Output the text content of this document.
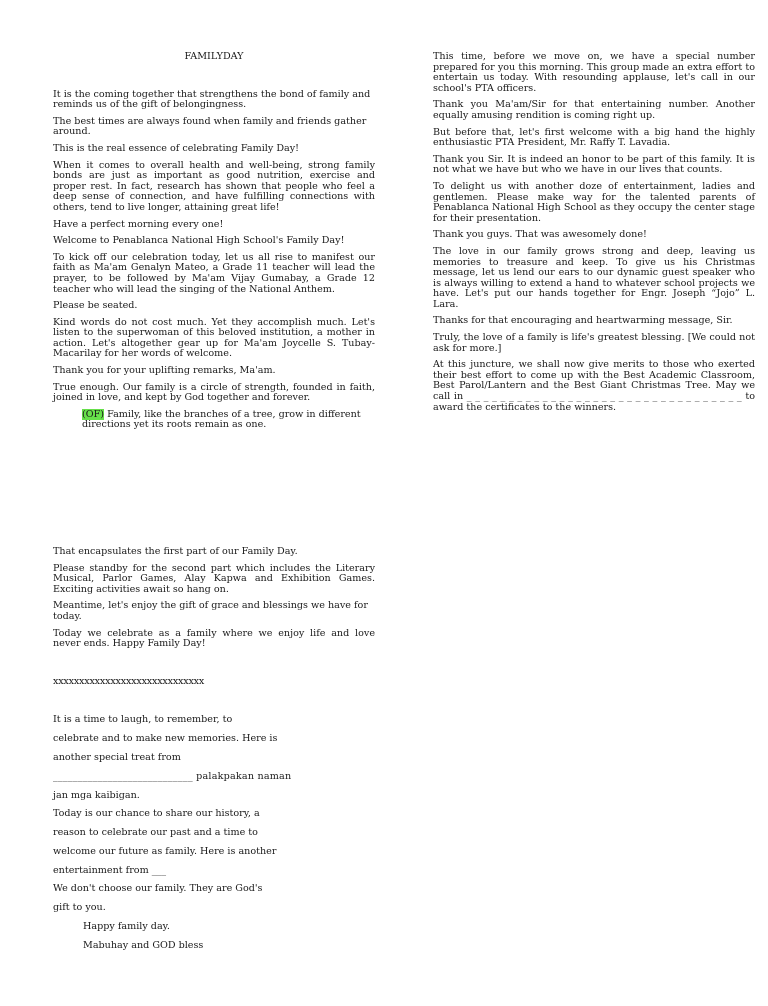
FAMILYDAY

It is the coming together that strengthens the bond of family and reminds us of the gift of belongingness.

The best times are always found when family and friends gather around.

This is the real essence of celebrating Family Day!

When it comes to overall health and well-being, strong family bonds are just as important as good nutrition, exercise and proper rest. In fact, research has shown that people who feel a deep sense of connection, and have fulfilling connections with others, tend to live longer, attaining great life!

Have a perfect morning every one!

Welcome to Penablanca National High School's Family Day!

To kick off our celebration today, let us all rise to manifest our faith as Ma'am Genalyn Mateo, a Grade 11 teacher will lead the prayer, to be followed by Ma'am Vijay Gumabay, a Grade 12 teacher who will lead the singing of the National Anthem.

Please be seated.

Kind words do not cost much. Yet they accomplish much. Let's listen to the superwoman of this beloved institution, a mother in action. Let's altogether gear up for Ma'am Joycelle S. Tubay-Macarilay for her words of welcome.

Thank you for your uplifting remarks, Ma'am.

True enough. Our family is a circle of strength, founded in faith, joined in love, and kept by God together and forever.

(OF) Family, like the branches of a tree, grow in different directions yet its roots remain as one.

That encapsulates the first part of our Family Day.

Please standby for the second part which includes the Literary Musical, Parlor Games, Alay Kapwa and Exhibition Games. Exciting activities await so hang on.

Meantime, let's enjoy the gift of grace and blessings we have for today.

Today we celebrate as a family where we enjoy life and love never ends. Happy Family Day!

xxxxxxxxxxxxxxxxxxxxxxxxxxxxx

It is a time to laugh, to remember, to

celebrate and to make new memories. Here is

another special treat from

____________________________ palakpakan naman

jan mga kaibigan.

Today is our chance to share our history, a

reason to celebrate our past and a time to

welcome our future as family. Here is another

entertainment from ___

We don't choose our family. They are God's

gift to you.

Happy family day.

Mabuhay and GOD bless

This time, before we move on, we have a special number prepared for you this morning. This group made an extra effort to entertain us today. With resounding applause, let's call in our school's PTA officers.

Thank you Ma'am/Sir for that entertaining number. Another equally amusing rendition is coming right up.

But before that, let's first welcome with a big hand the highly enthusiastic PTA President, Mr. Raffy T. Lavadia.

Thank you Sir. It is indeed an honor to be part of this family. It is not what we have but who we have in our lives that counts.

To delight us with another doze of entertainment, ladies and gentlemen. Please make way for the talented parents of Penablanca National High School as they occupy the center stage for their presentation.

Thank you guys. That was awesomely done!

The love in our family grows strong and deep, leaving us memories to treasure and keep. To give us his Christmas message, let us lend our ears to our dynamic guest speaker who is always willing to extend a hand to whatever school projects we have. Let's put our hands together for Engr. Joseph “Jojo” L. Lara.

Thanks for that encouraging and heartwarming message, Sir.

Truly, the love of a family is life's greatest blessing. [We could not ask for more.]

At this juncture, we shall now give merits to those who exerted their best effort to come up with the Best Academic Classroom, Best Parol/Lantern and the Best Giant Christmas Tree. May we call in _ _ _ _ _ _ _ _ _ _ _ _ _ _ _ _ _ _ _ _ _ _ _ _ _ _ _ _ _ _ _ _ _ to award the certificates to the winners.
